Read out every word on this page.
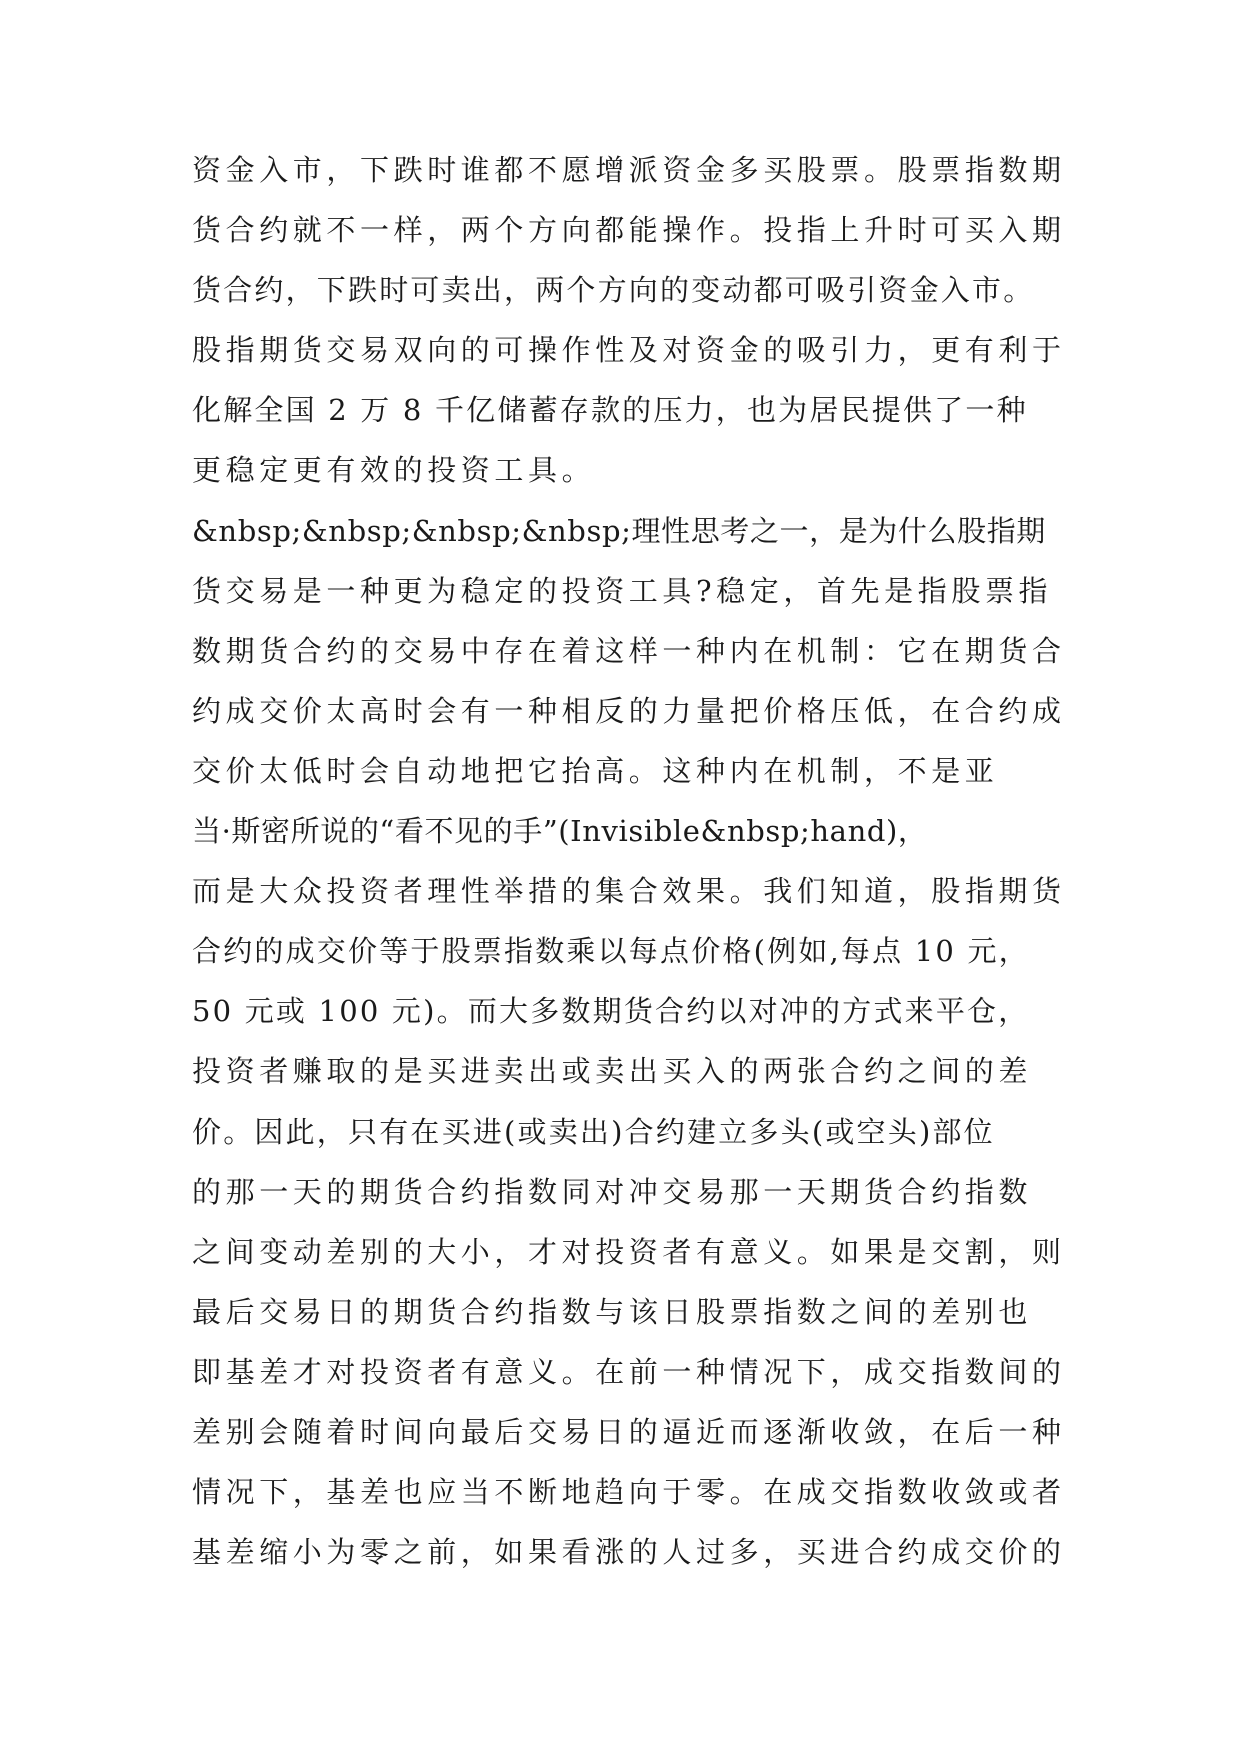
资金入市，下跌时谁都不愿增派资金多买股票。股票指数期
货合约就不一样，两个方向都能操作。投指上升时可买入期
货合约，下跌时可卖出，两个方向的变动都可吸引资金入市。
股指期货交易双向的可操作性及对资金的吸引力，更有利于
化解全国 2 万 8 千亿储蓄存款的压力，也为居民提供了一种
更稳定更有效的投资工具。
&nbsp;&nbsp;&nbsp;&nbsp;理性思考之一，是为什么股指期
货交易是一种更为稳定的投资工具?稳定，首先是指股票指
数期货合约的交易中存在着这样一种内在机制：它在期货合
约成交价太高时会有一种相反的力量把价格压低，在合约成
交价太低时会自动地把它抬高。这种内在机制，不是亚
当·斯密所说的“看不见的手”(Invisible&nbsp;hand)，
而是大众投资者理性举措的集合效果。我们知道，股指期货
合约的成交价等于股票指数乘以每点价格(例如,每点 10 元，
50 元或 100 元)。而大多数期货合约以对冲的方式来平仓，
投资者赚取的是买进卖出或卖出买入的两张合约之间的差
价。因此，只有在买进(或卖出)合约建立多头(或空头)部位
的那一天的期货合约指数同对冲交易那一天期货合约指数
之间变动差别的大小，才对投资者有意义。如果是交割，则
最后交易日的期货合约指数与该日股票指数之间的差别也
即基差才对投资者有意义。在前一种情况下，成交指数间的
差别会随着时间向最后交易日的逼近而逐渐收敛，在后一种
情况下，基差也应当不断地趋向于零。在成交指数收敛或者
基差缩小为零之前，如果看涨的人过多，买进合约成交价的
